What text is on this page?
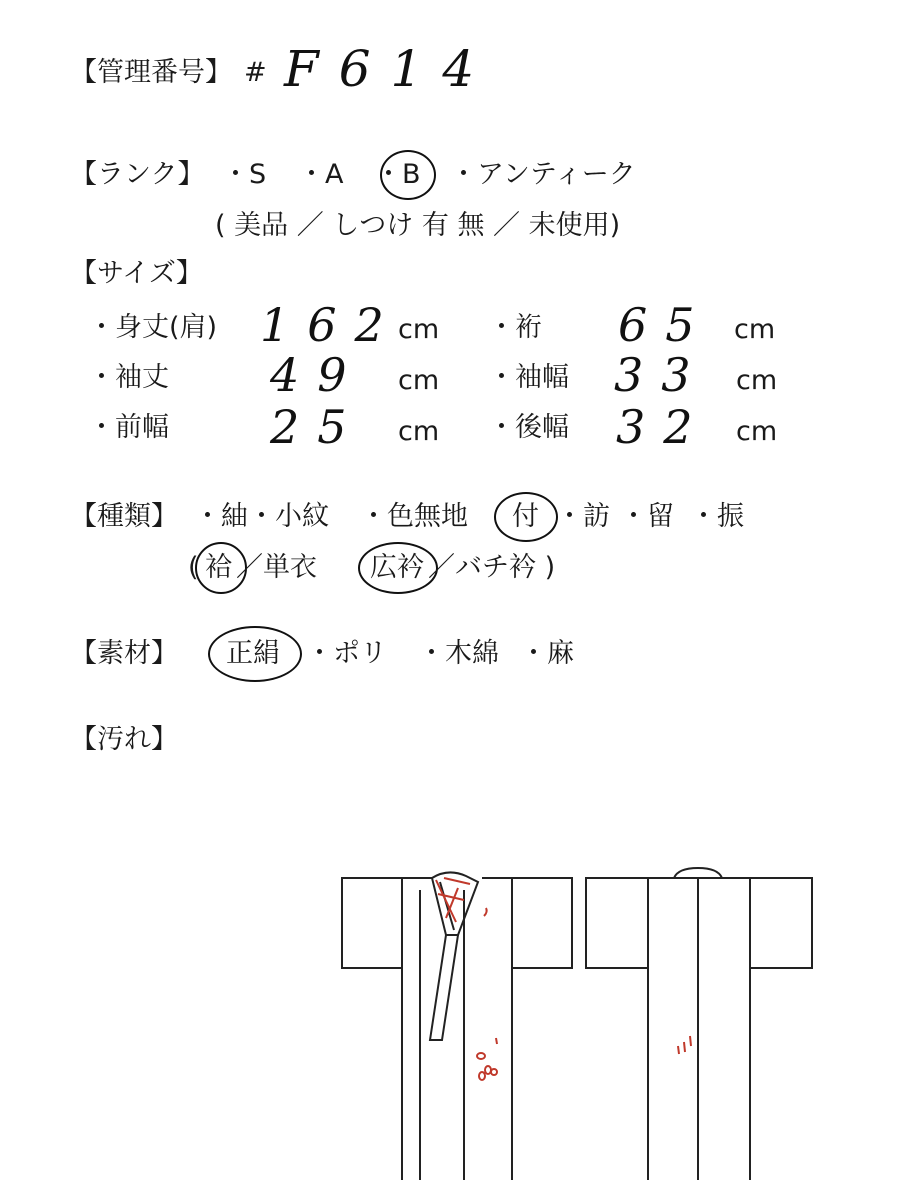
【管理番号】 # F614
【ランク】 ・S ・A ・B ・アンティーク
( 美品 ／ しつけ 有 無 ／ 未使用)
【サイズ】
・身丈(肩) 162
cm ・裄 65 cm
・袖丈 49 cm ・袖幅 33 cm
・前幅 25 cm ・後幅 32 cm
【種類】 ・紬 ・小紋 ・色無地 付 ・訪 ・留 ・振
( 袷 ／単衣 広衿 ／バチ衿 )
【素材】 正絹 ・ポリ ・木綿 ・麻
【汚れ】
